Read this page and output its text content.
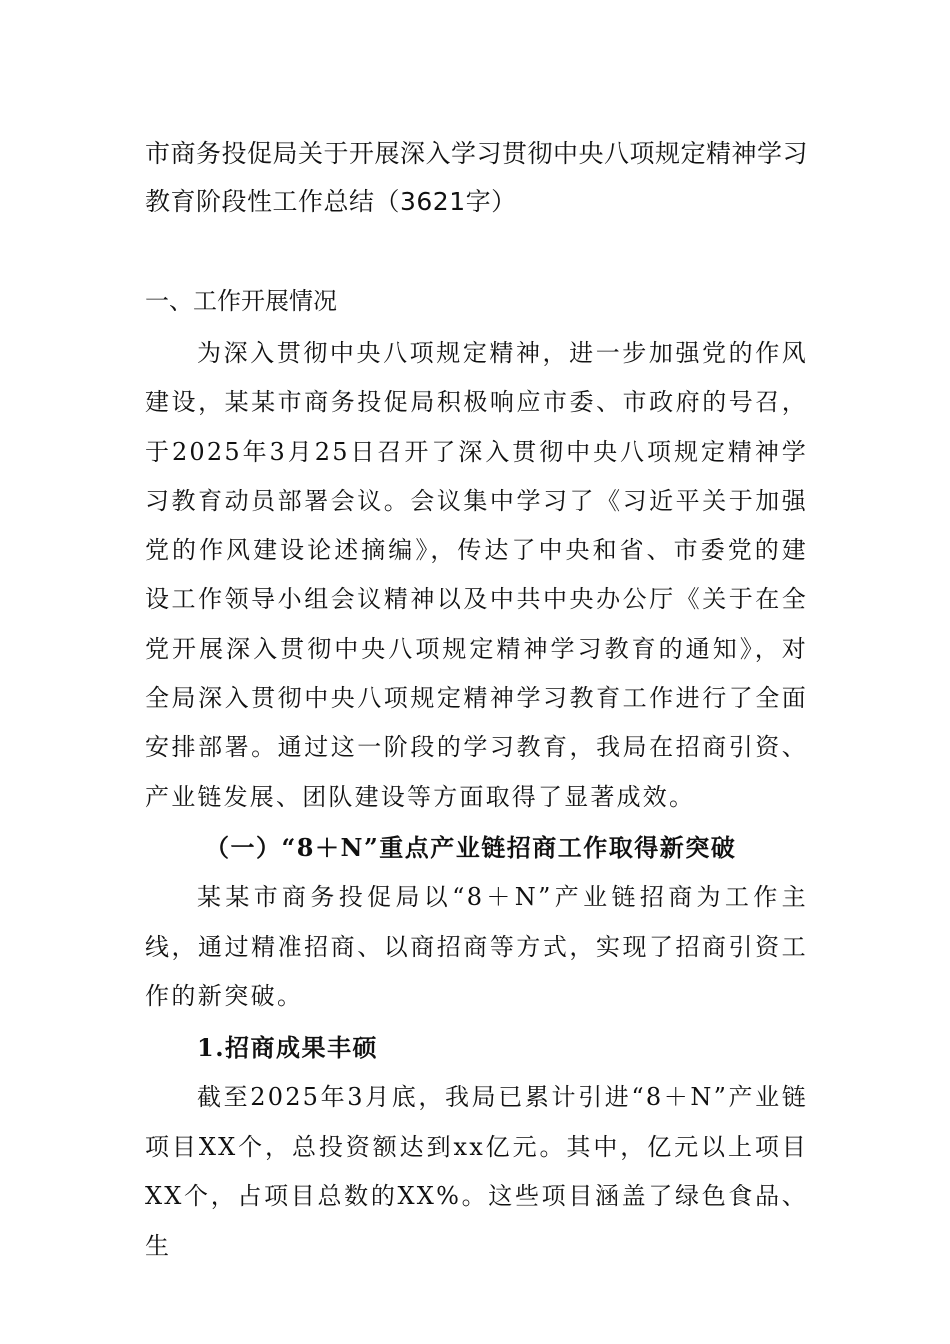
市商务投促局关于开展深入学习贯彻中央八项规定精神学习教育阶段性工作总结（3621字）
一、工作开展情况
为深入贯彻中央八项规定精神，进一步加强党的作风建设，某某市商务投促局积极响应市委、市政府的号召，于2025年3月25日召开了深入贯彻中央八项规定精神学习教育动员部署会议。会议集中学习了《习近平关于加强党的作风建设论述摘编》，传达了中央和省、市委党的建设工作领导小组会议精神以及中共中央办公厅《关于在全党开展深入贯彻中央八项规定精神学习教育的通知》，对全局深入贯彻中央八项规定精神学习教育工作进行了全面安排部署。通过这一阶段的学习教育，我局在招商引资、产业链发展、团队建设等方面取得了显著成效。
（一）“8＋N”重点产业链招商工作取得新突破
某某市商务投促局以“8＋N”产业链招商为工作主线，通过精准招商、以商招商等方式，实现了招商引资工作的新突破。
1.招商成果丰硕
截至2025年3月底，我局已累计引进“8＋N”产业链项目XX个，总投资额达到xx亿元。其中，亿元以上项目XX个，占项目总数的XX%。这些项目涵盖了绿色食品、生
